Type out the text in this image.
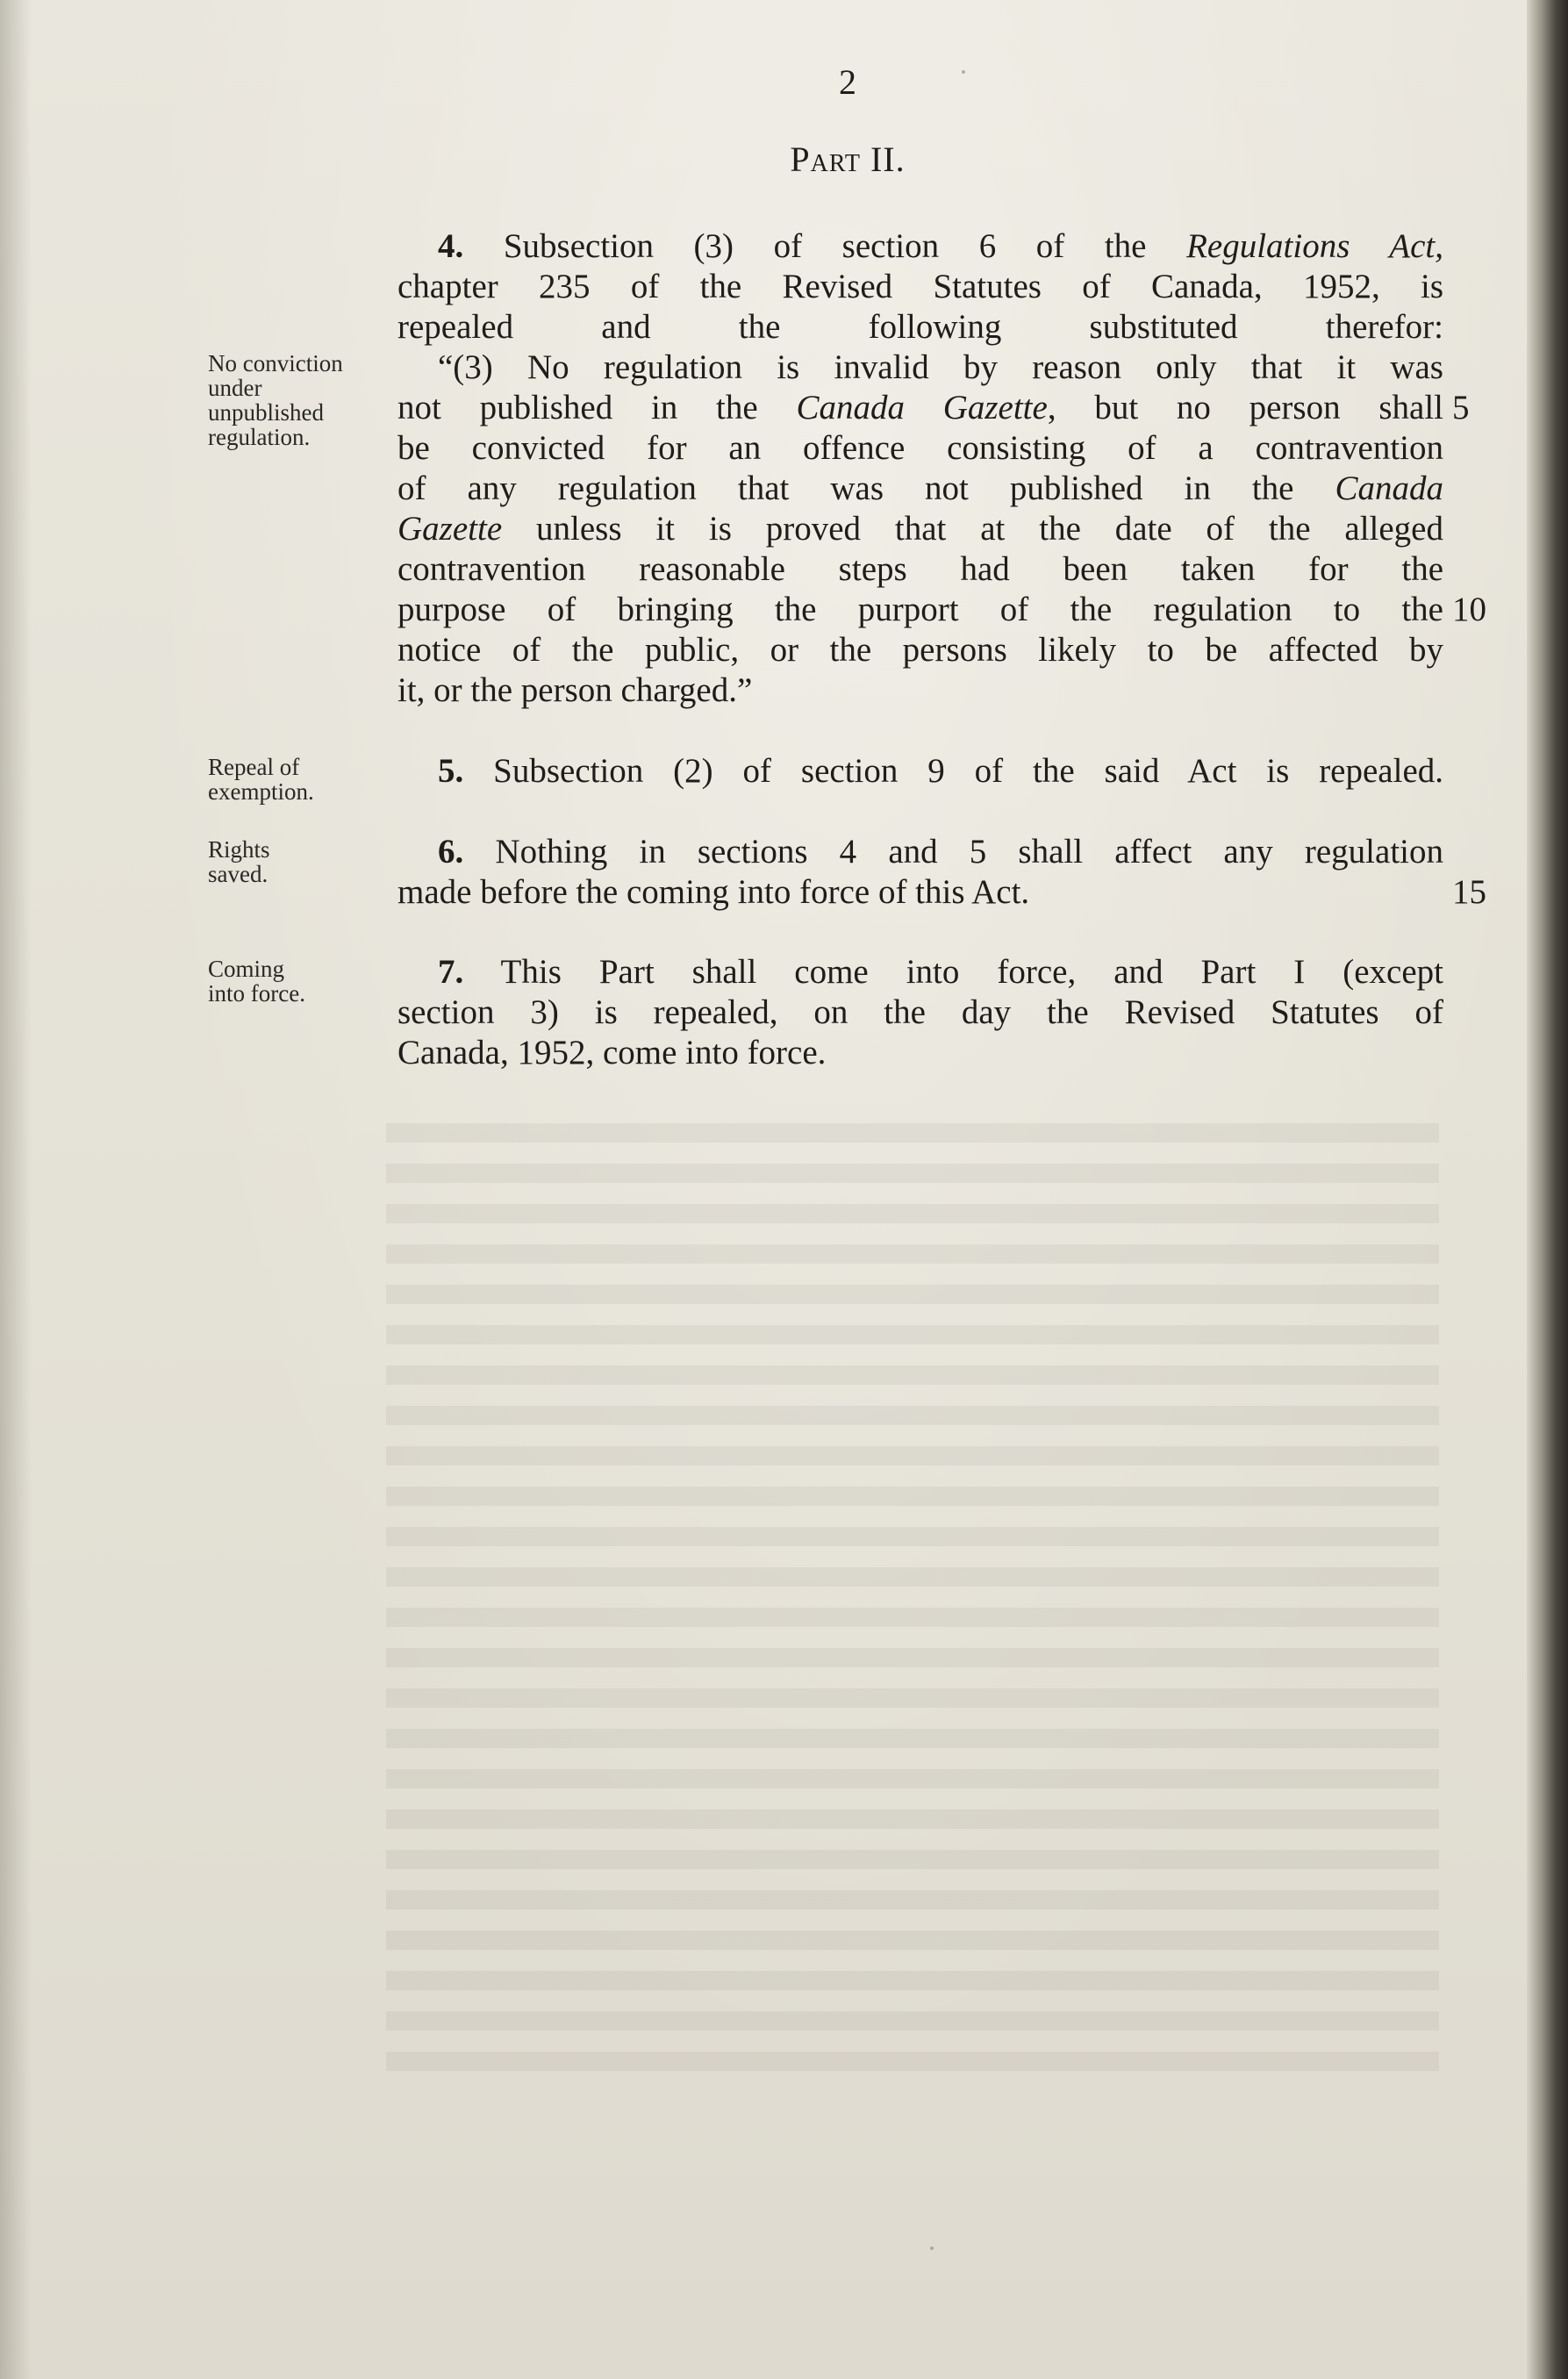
2
Part II.
4. Subsection (3) of section 6 of the Regulations Act,
chapter 235 of the Revised Statutes of Canada, 1952, is
repealed and the following substituted therefor:
“(3) No regulation is invalid by reason only that it was
not published in the Canada Gazette, but no person shall
be convicted for an offence consisting of a contravention
of any regulation that was not published in the Canada
Gazette unless it is proved that at the date of the alleged
contravention reasonable steps had been taken for the
purpose of bringing the purport of the regulation to the
notice of the public, or the persons likely to be affected by
it, or the person charged.”
5. Subsection (2) of section 9 of the said Act is repealed.
6. Nothing in sections 4 and 5 shall affect any regulation
made before the coming into force of this Act.
7. This Part shall come into force, and Part I (except
section 3) is repealed, on the day the Revised Statutes of
Canada, 1952, come into force.
No conviction
under
unpublished
regulation.
Repeal of
exemption.
Rights
saved.
Coming
into force.
5
10
15
